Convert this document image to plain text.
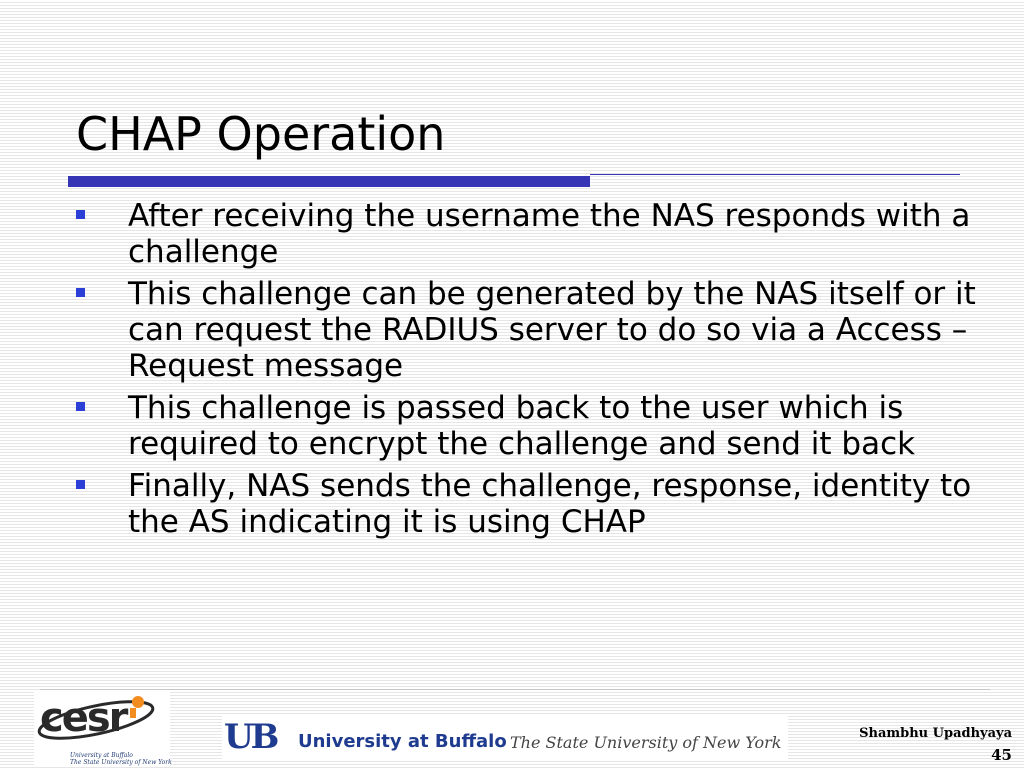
CHAP Operation
After receiving the username the NAS responds with a challenge
This challenge can be generated by the NAS itself or it can request the RADIUS server to do so via a Access – Request message
This challenge is passed back to the user which is required to encrypt the challenge and send it back
Finally, NAS sends the challenge, response, identity to the AS indicating it is using CHAP
cesr
University at Buffalo
The State University of New York
UB University at Buffalo The State University of New York	Shambhu Upadhyaya
45
